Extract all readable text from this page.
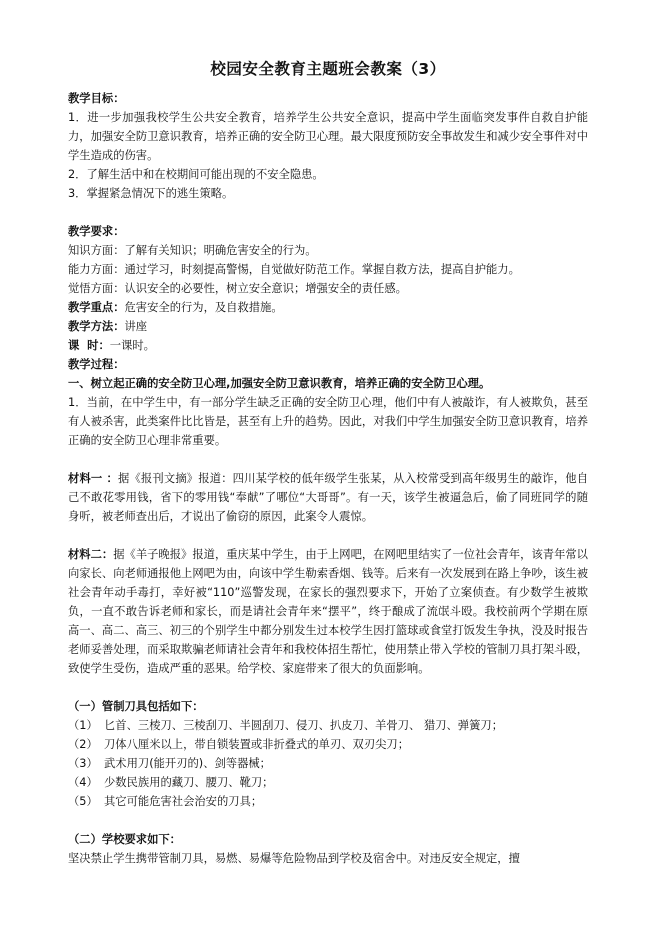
校园安全教育主题班会教案（3）

教学目标：

1．进一步加强我校学生公共安全教育，培养学生公共安全意识，提高中学生面临突发事件自救自护能力，加强安全防卫意识教育，培养正确的安全防卫心理。最大限度预防安全事故发生和减少安全事件对中学生造成的伤害。

2．了解生活中和在校期间可能出现的不安全隐患。

3．掌握紧急情况下的逃生策略。

教学要求：

知识方面：了解有关知识；明确危害安全的行为。

能力方面：通过学习，时刻提高警惕，自觉做好防范工作。掌握自救方法，提高自护能力。

觉悟方面：认识安全的必要性，树立安全意识；增强安全的责任感。

教学重点：危害安全的行为，及自救措施。

教学方法：讲座

课  时：一课时。

教学过程：

一、树立起正确的安全防卫心理,加强安全防卫意识教育，培养正确的安全防卫心理。

1．当前，在中学生中，有一部分学生缺乏正确的安全防卫心理，他们中有人被敲诈，有人被欺负，甚至有人被杀害，此类案件比比皆是，甚至有上升的趋势。因此，对我们中学生加强安全防卫意识教育，培养正确的安全防卫心理非常重要。

材料一 ：据《报刊文摘》报道：四川某学校的低年级学生张某，从入校常受到高年级男生的敲诈，他自己不敢花零用钱，省下的零用钱“奉献”了哪位“大哥哥”。有一天，该学生被逼急后，偷了同班同学的随身听，被老师查出后，才说出了偷窃的原因，此案令人震惊。

材料二：据《羊子晚报》报道，重庆某中学生，由于上网吧，在网吧里结实了一位社会青年，该青年常以向家长、向老师通报他上网吧为由，向该中学生勒索香烟、钱等。后来有一次发展到在路上争吵，该生被社会青年动手毒打，幸好被“110”巡警发现，在家长的强烈要求下，开始了立案侦查。有少数学生被欺负，一直不敢告诉老师和家长，而是请社会青年来“摆平”，终于酿成了流氓斗殴。我校前两个学期在原高一、高二、高三、初三的个别学生中都分别发生过本校学生因打篮球或食堂打饭发生争执，没及时报告老师妥善处理，而采取欺骗老师请社会青年和我校体招生帮忙，使用禁止带入学校的管制刀具打架斗殴，致使学生受伤，造成严重的恶果。给学校、家庭带来了很大的负面影响。

（一）管制刀具包括如下：

（1） 匕首、三棱刀、三棱刮刀、半圆刮刀、侵刀、扒皮刀、羊骨刀、 猎刀、弹簧刀；

（2） 刀体八厘米以上，带自锁装置或非折叠式的单刃、双刃尖刀；

（3） 武术用刀(能开刃的)、剑等器械；

（4） 少数民族用的藏刀、腰刀、靴刀；

（5） 其它可能危害社会治安的刀具；

（二）学校要求如下：

坚决禁止学生携带管制刀具，易燃、易爆等危险物品到学校及宿舍中。对违反安全规定，擅
